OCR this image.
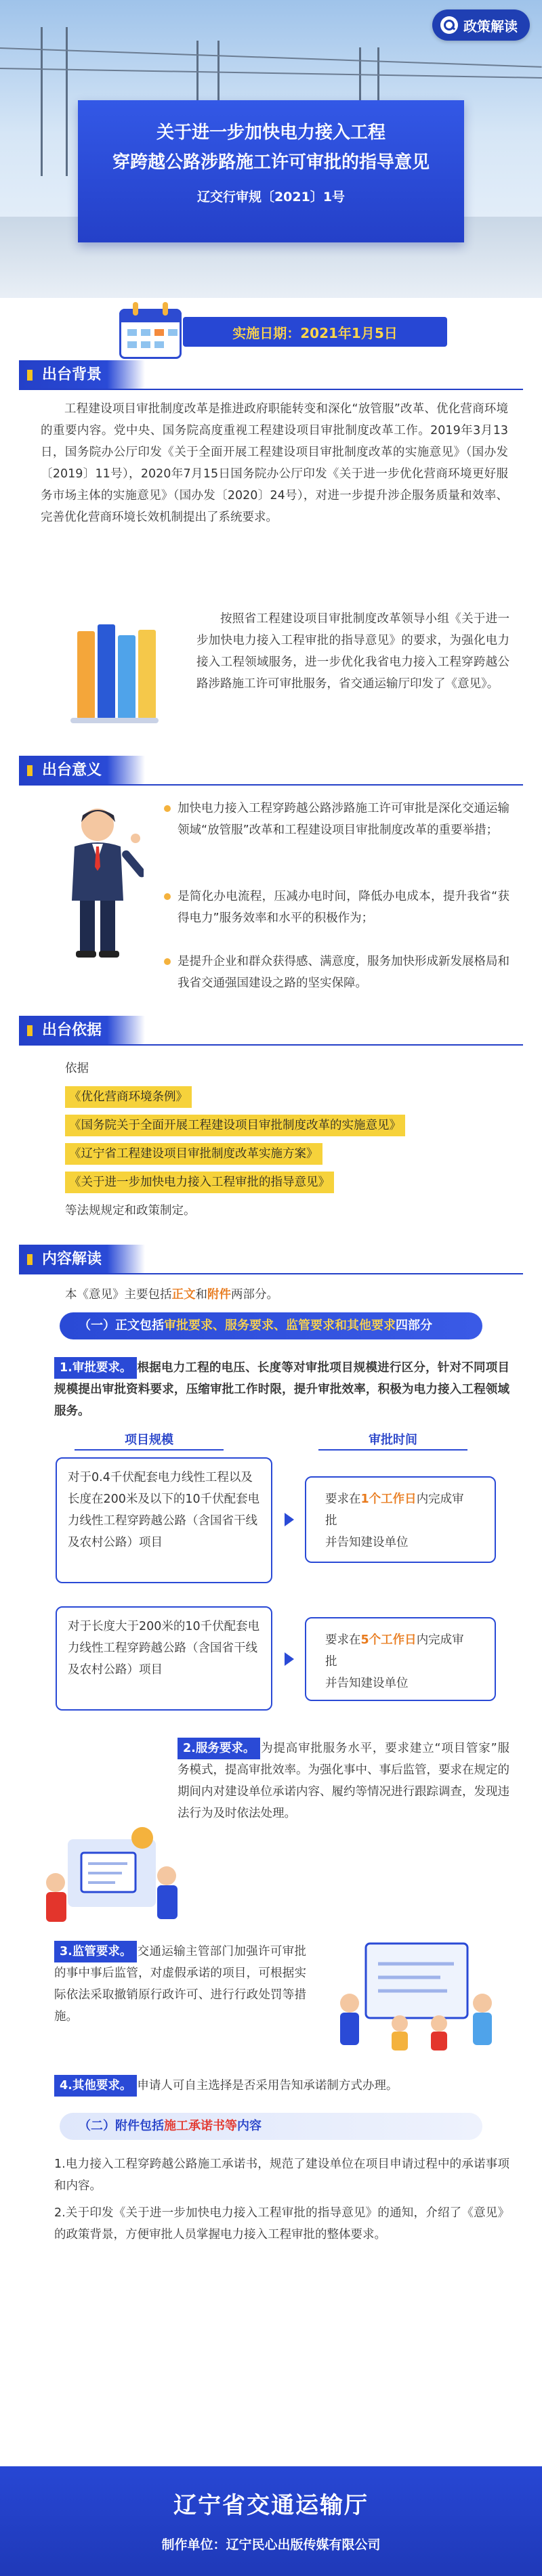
政策解读
关于进一步加快电力接入工程
穿跨越公路涉路施工许可审批的指导意见
辽交行审规〔2021〕1号
实施日期：2021年1月5日
出台背景
工程建设项目审批制度改革是推进政府职能转变和深化“放管服”改革、优化营商环境的重要内容。党中央、国务院高度重视工程建设项目审批制度改革工作。2019年3月13日，国务院办公厅印发《关于全面开展工程建设项目审批制度改革的实施意见》（国办发〔2019〕11号），2020年7月15日国务院办公厅印发《关于进一步优化营商环境更好服务市场主体的实施意见》（国办发〔2020〕24号），对进一步提升涉企服务质量和效率、完善优化营商环境长效机制提出了系统要求。
按照省工程建设项目审批制度改革领导小组《关于进一步加快电力接入工程审批的指导意见》的要求，为强化电力接入工程领域服务，进一步优化我省电力接入工程穿跨越公路涉路施工许可审批服务，省交通运输厅印发了《意见》。
出台意义
加快电力接入工程穿跨越公路涉路施工许可审批是深化交通运输领域“放管服”改革和工程建设项目审批制度改革的重要举措；
是简化办电流程，压减办电时间，降低办电成本，提升我省“获得电力”服务效率和水平的积极作为；
是提升企业和群众获得感、满意度，服务加快形成新发展格局和我省交通强国建设之路的坚实保障。
出台依据
依据
《优化营商环境条例》
《国务院关于全面开展工程建设项目审批制度改革的实施意见》
《辽宁省工程建设项目审批制度改革实施方案》
《关于进一步加快电力接入工程审批的指导意见》
等法规规定和政策制定。
内容解读
本《意见》主要包括正文和附件两部分。
（一）正文包括审批要求、服务要求、监管要求和其他要求四部分
1.审批要求。 根据电力工程的电压、长度等对审批项目规模进行区分，针对不同项目规模提出审批资料要求，压缩审批工作时限，提升审批效率，积极为电力接入工程领域服务。
项目规模	审批时间
对于0.4千伏配套电力线性工程以及长度在200米及以下的10千伏配套电力线性工程穿跨越公路（含国省干线及农村公路）项目
要求在1个工作日内完成审批
并告知建设单位
对于长度大于200米的10千伏配套电力线性工程穿跨越公路（含国省干线及农村公路）项目
要求在5个工作日内完成审批
并告知建设单位
2.服务要求。 为提高审批服务水平，要求建立“项目管家”服务模式，提高审批效率。为强化事中、事后监管，要求在规定的期间内对建设单位承诺内容、履约等情况进行跟踪调查，发现违法行为及时依法处理。
3.监管要求。 交通运输主管部门加强许可审批的事中事后监管，对虚假承诺的项目，可根据实际依法采取撤销原行政许可、进行行政处罚等措施。
4.其他要求。 申请人可自主选择是否采用告知承诺制方式办理。
（二）附件包括施工承诺书等内容
1.电力接入工程穿跨越公路施工承诺书，规范了建设单位在项目申请过程中的承诺事项和内容。
2.关于印发《关于进一步加快电力接入工程审批的指导意见》的通知，介绍了《意见》的政策背景，方便审批人员掌握电力接入工程审批的整体要求。
辽宁省交通运输厅
制作单位：辽宁民心出版传媒有限公司
